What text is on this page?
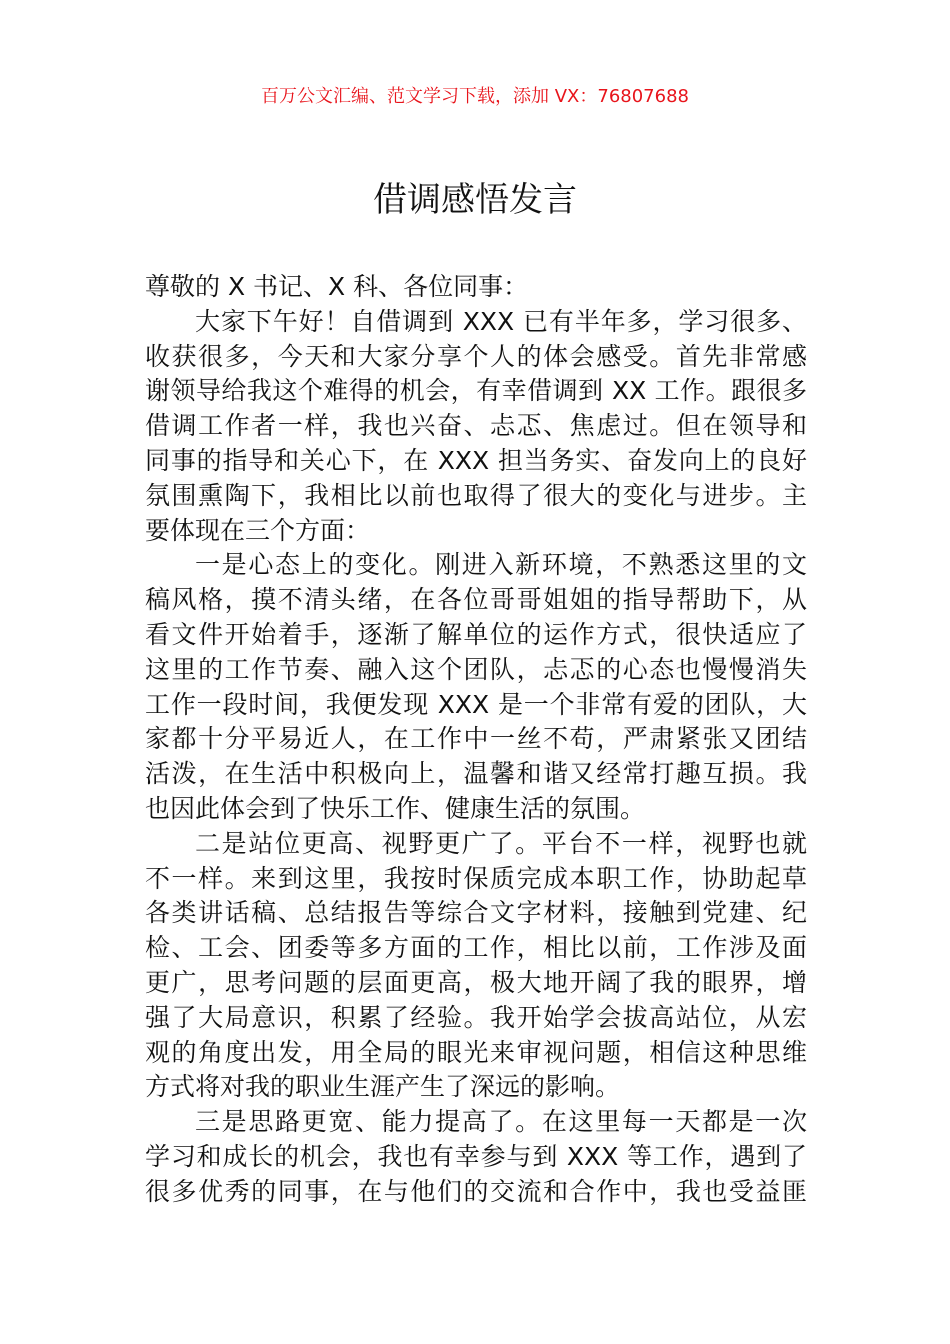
百万公文汇编、范文学习下载，添加 VX：76807688
借调感悟发言
尊敬的 X 书记、X 科、各位同事：
大家下午好！自借调到 XXX 已有半年多，学习很多、
收获很多，今天和大家分享个人的体会感受。首先非常感
谢领导给我这个难得的机会，有幸借调到 XX 工作。跟很多
借调工作者一样，我也兴奋、忐忑、焦虑过。但在领导和
同事的指导和关心下，在 XXX 担当务实、奋发向上的良好
氛围熏陶下，我相比以前也取得了很大的变化与进步。主
要体现在三个方面：
一是心态上的变化。刚进入新环境，不熟悉这里的文
稿风格，摸不清头绪，在各位哥哥姐姐的指导帮助下，从
看文件开始着手，逐渐了解单位的运作方式，很快适应了
这里的工作节奏、融入这个团队，忐忑的心态也慢慢消失
工作一段时间，我便发现 XXX 是一个非常有爱的团队，大
家都十分平易近人，在工作中一丝不苟，严肃紧张又团结
活泼，在生活中积极向上，温馨和谐又经常打趣互损。我
也因此体会到了快乐工作、健康生活的氛围。
二是站位更高、视野更广了。平台不一样，视野也就
不一样。来到这里，我按时保质完成本职工作，协助起草
各类讲话稿、总结报告等综合文字材料，接触到党建、纪
检、工会、团委等多方面的工作，相比以前，工作涉及面
更广，思考问题的层面更高，极大地开阔了我的眼界，增
强了大局意识，积累了经验。我开始学会拔高站位，从宏
观的角度出发，用全局的眼光来审视问题，相信这种思维
方式将对我的职业生涯产生了深远的影响。
三是思路更宽、能力提高了。在这里每一天都是一次
学习和成长的机会，我也有幸参与到 XXX 等工作，遇到了
很多优秀的同事，在与他们的交流和合作中，我也受益匪
